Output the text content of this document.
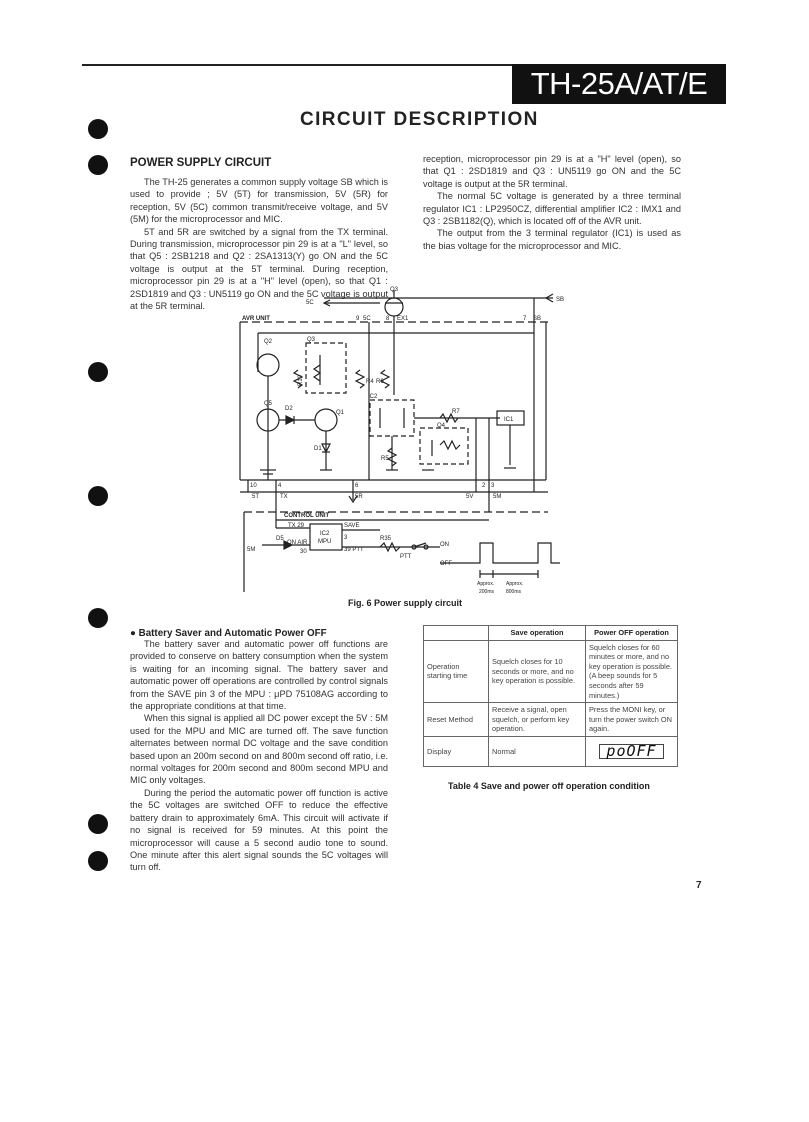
TH-25A/AT/E
CIRCUIT DESCRIPTION
POWER SUPPLY CIRCUIT

The TH-25 generates a common supply voltage SB which is used to provide ; 5V (5T) for transmission, 5V (5R) for reception, 5V (5C) common transmit/receive voltage, and 5V (5M) for the microprocessor and MIC.

5T and 5R are switched by a signal from the TX terminal. During transmission, microprocessor pin 29 is at a "L" level, so that Q5 : 2SB1218 and Q2 : 2SA1313(Y) go ON and the 5C voltage is output at the 5T terminal. During reception, microprocessor pin 29 is at a "H" level (open), so that Q1 : 2SD1819 and Q3 : UN5119 go ON and the 5C voltage is output at the 5R terminal.

reception, microprocessor pin 29 is at a "H" level (open), so that Q1 : 2SD1819 and Q3 : UN5119 go ON and the 5C voltage is output at the 5R terminal.

The normal 5C voltage is generated by a three terminal regulator IC1 : LP2950CZ, differential amplifier IC2 : IMX1 and Q3 : 2SB1182(Q), which is located off of the AVR unit.

The output from the 3 terminal regulator (IC1) is used as the bias voltage for the microprocessor and MIC.

Q3
SB
5C
AVR UNIT	9 5C	8 EX1	7 SB
Q2	Q3
R10	R4 R6
IC2
R7
IC1
Q5
D2
Q1
Q4
D1
R5
10	4	6	2 3
5T	TX	5R	5V	5M
CONTROL UNIT
TX 29	SAVE
D5
ON AIR
IC2
MPU
3	R35
ON
5M	30	39 PTT
PTT
OFF
Approx. Approx.
200ms 800ms
Fig. 6 Power supply circuit
● Battery Saver and Automatic Power OFF

The battery saver and automatic power off functions are provided to conserve on battery consumption when the system is waiting for an incoming signal. The battery saver and automatic power off operations are controlled by control signals from the SAVE pin 3 of the MPU : μPD 75108AG according to the appropriate conditions at that time.

When this signal is applied all DC power except the 5V : 5M used for the MPU and MIC are turned off. The save function alternates between normal DC voltage and the save condition based upon an 200m second on and 800m second off ratio, i.e. normal voltages for 200m second and 800m second MPU and MIC only voltages.

During the period the automatic power off function is active the 5C voltages are switched OFF to reduce the effective battery drain to approximately 6mA. This circuit will activate if no signal is received for 59 minutes. At this point the microprocessor will cause a 5 second audio tone to sound. One minute after this alert signal sounds the 5C voltages will turn off.

	Save operation	Power OFF operation
Operation starting time	Squelch closes for 10 seconds or more, and no key operation is possible.	Squelch closes for 60 minutes or more, and no key operation is possible. (A beep sounds for 5 seconds after 59 minutes.)
Reset Method	Receive a signal, open squelch, or perform key operation.	Press the MONI key, or turn the power switch ON again.
Display	Normal	poOFF
Table 4 Save and power off operation condition
7
